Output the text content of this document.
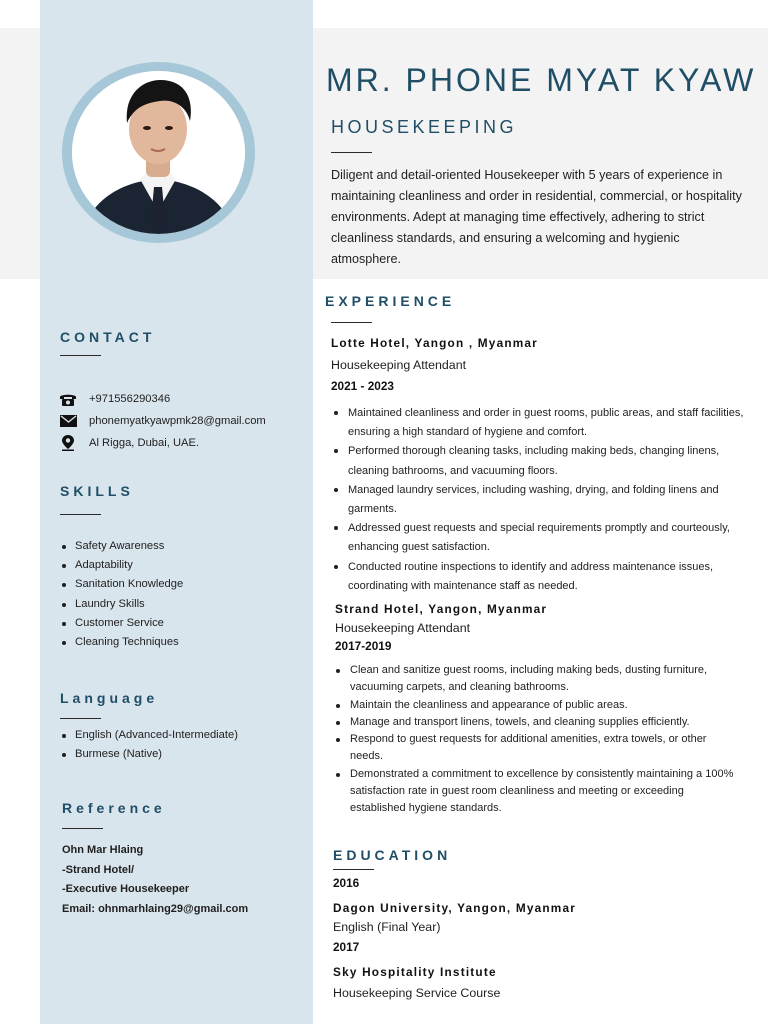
MR. PHONE MYAT KYAW
HOUSEKEEPING
Diligent and detail-oriented Housekeeper with 5 years of experience in maintaining cleanliness and order in residential, commercial, or hospitality environments. Adept at managing time effectively, adhering to strict cleanliness standards, and ensuring a welcoming and hygienic atmosphere.
CONTACT
+971556290346
phonemyatkyawpmk28@gmail.com
Al Rigga, Dubai, UAE.
SKILLS
Safety Awareness
Adaptability
Sanitation Knowledge
Laundry Skills
Customer Service
Cleaning Techniques
Language
English (Advanced-Intermediate)
Burmese (Native)
Reference
Ohn Mar Hlaing
-Strand Hotel/
-Executive Housekeeper
Email: ohnmarhlaing29@gmail.com
EXPERIENCE
Lotte Hotel, Yangon , Myanmar
Housekeeping Attendant
2021 - 2023
Maintained cleanliness and order in guest rooms, public areas, and staff facilities, ensuring a high standard of hygiene and comfort.
Performed thorough cleaning tasks, including making beds, changing linens, cleaning bathrooms, and vacuuming floors.
Managed laundry services, including washing, drying, and folding linens and garments.
Addressed guest requests and special requirements promptly and courteously, enhancing guest satisfaction.
Conducted routine inspections to identify and address maintenance issues, coordinating with maintenance staff as needed.
Strand Hotel, Yangon, Myanmar
Housekeeping Attendant
2017-2019
Clean and sanitize guest rooms, including making beds, dusting furniture, vacuuming carpets, and cleaning bathrooms.
Maintain the cleanliness and appearance of public areas.
Manage and transport linens, towels, and cleaning supplies efficiently.
Respond to guest requests for additional amenities, extra towels, or other needs.
Demonstrated a commitment to excellence by consistently maintaining a 100% satisfaction rate in guest room cleanliness and meeting or exceeding established hygiene standards.
EDUCATION
2016
Dagon University, Yangon, Myanmar
English (Final Year)
2017
Sky Hospitality Institute
Housekeeping Service Course
